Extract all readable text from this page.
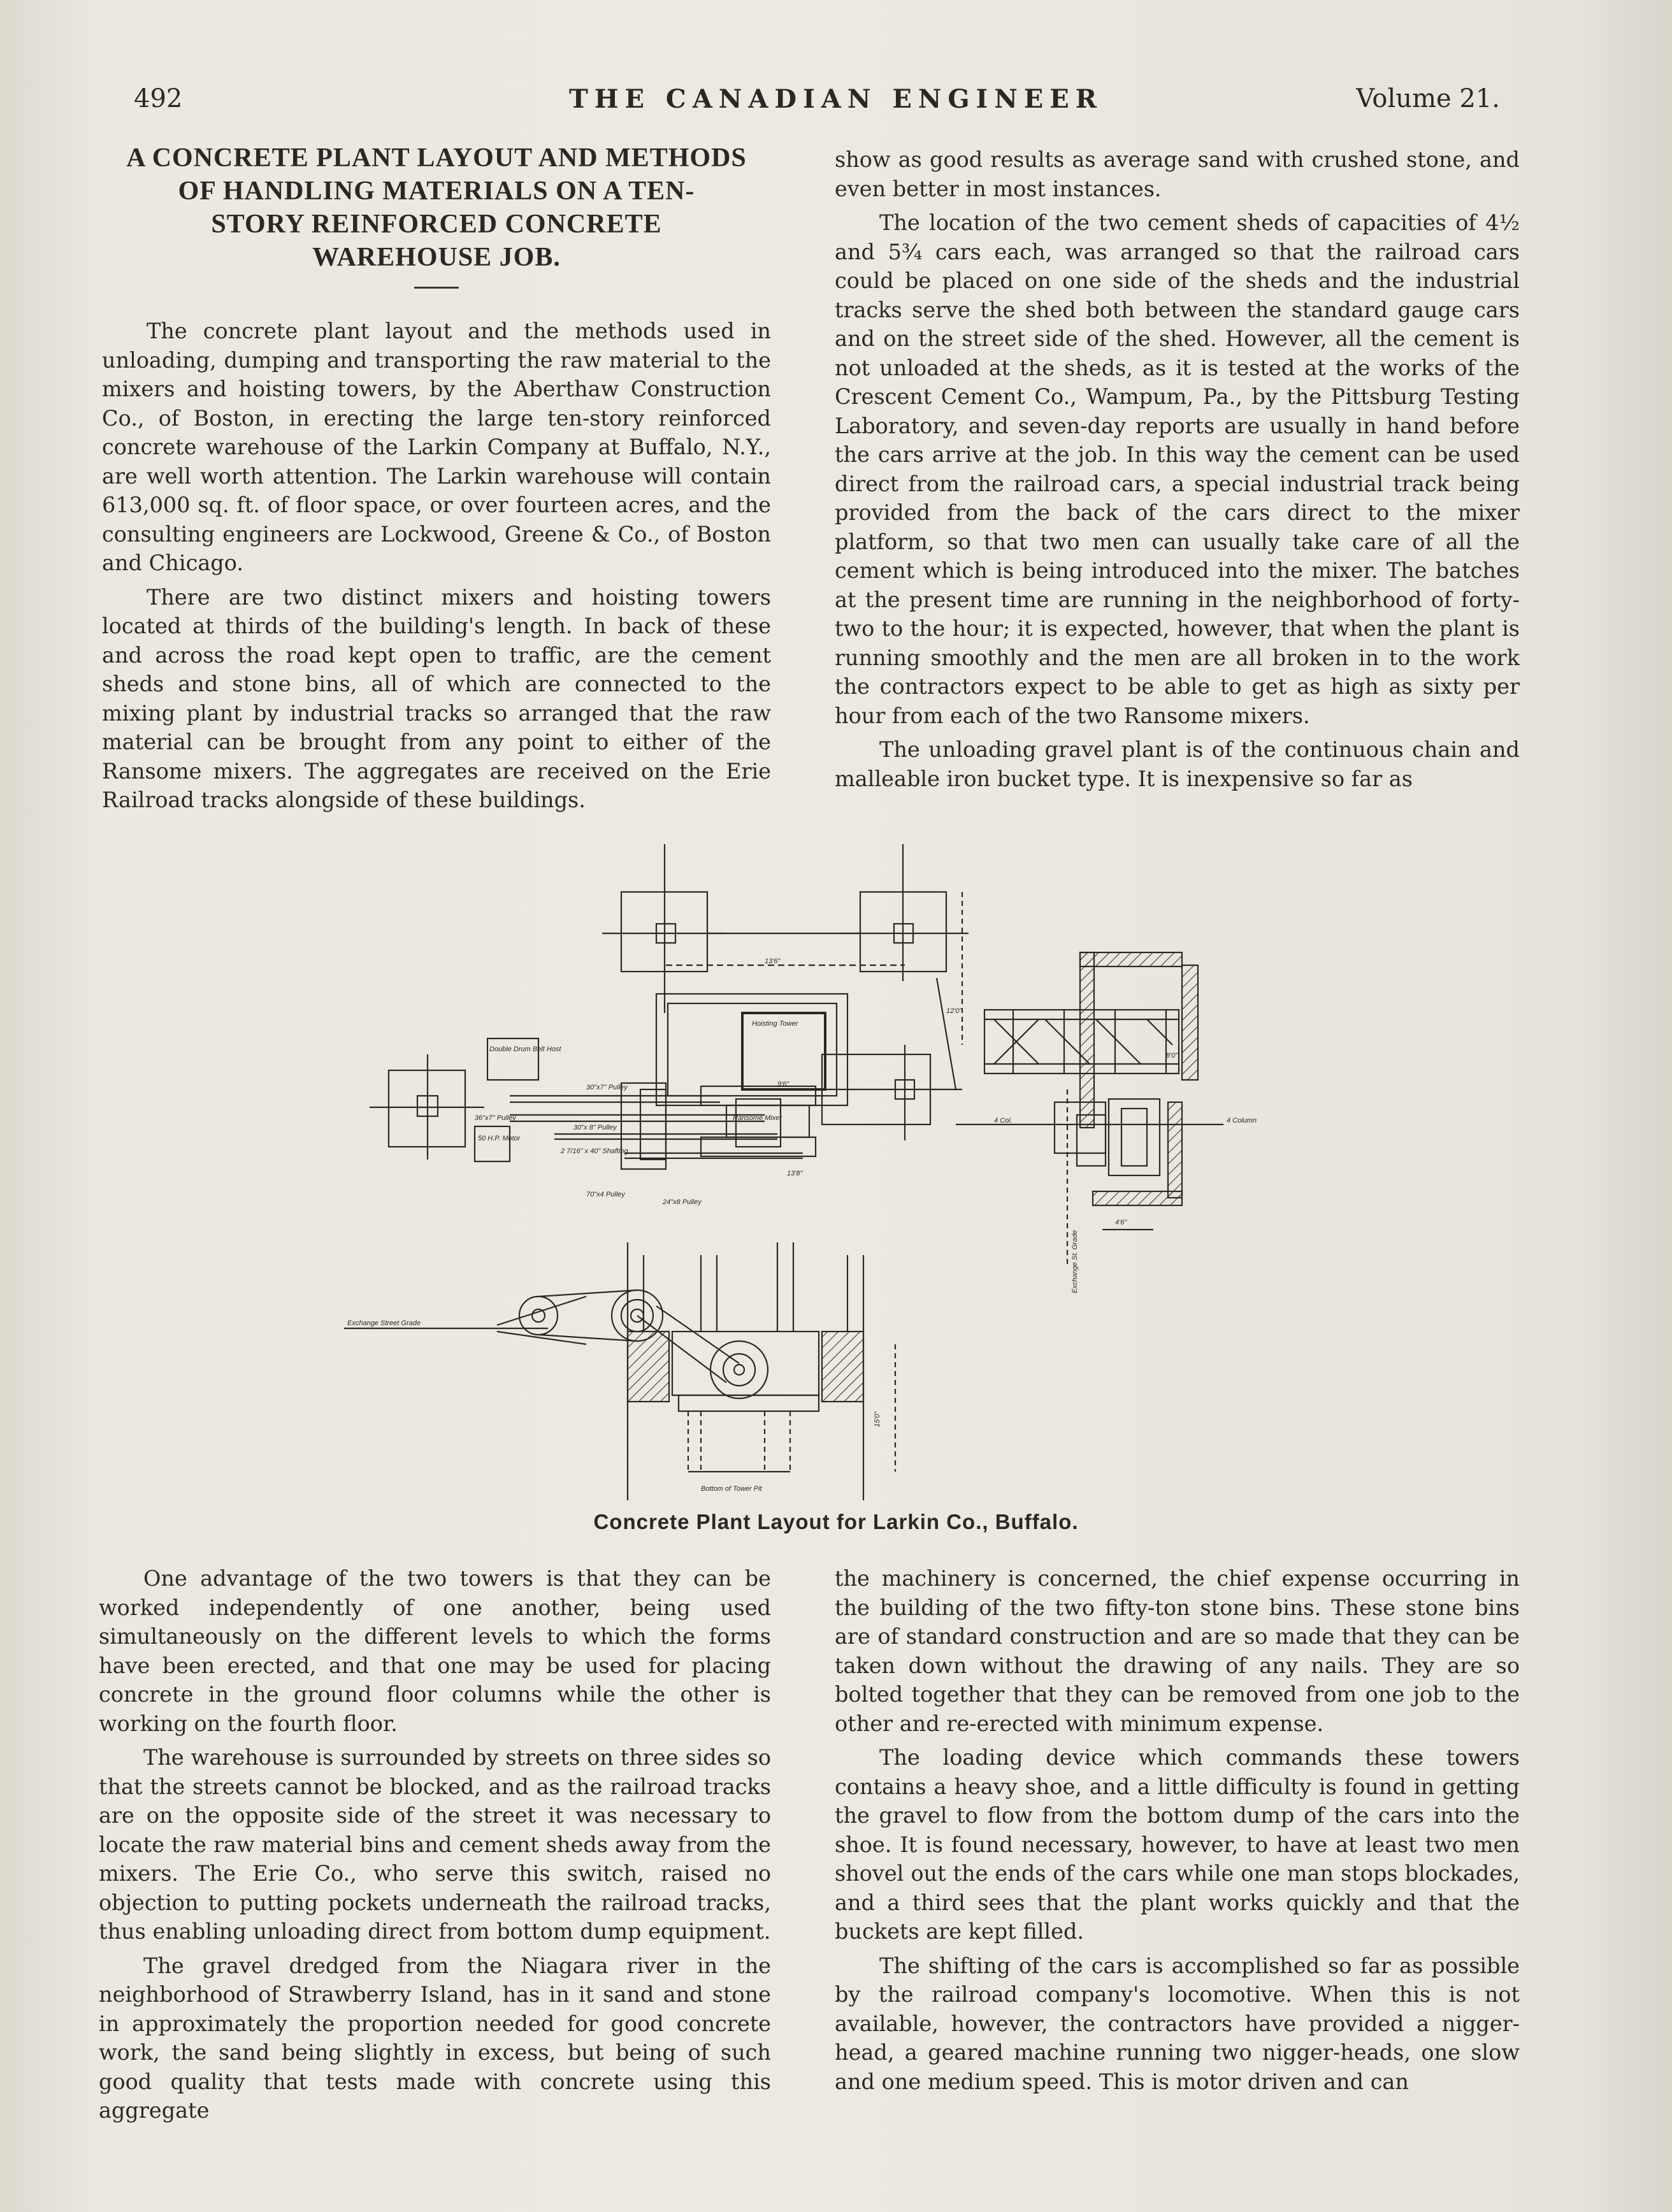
492	THE CANADIAN ENGINEER	Volume 21.
A CONCRETE PLANT LAYOUT AND METHODS
OF HANDLING MATERIALS ON A TEN-
STORY REINFORCED CONCRETE
WAREHOUSE JOB.

The concrete plant layout and the methods used in unloading, dumping and transporting the raw material to the mixers and hoisting towers, by the Aberthaw Construction Co., of Boston, in erecting the large ten-story reinforced concrete warehouse of the Larkin Company at Buffalo, N.Y., are well worth attention. The Larkin warehouse will contain 613,000 sq. ft. of floor space, or over fourteen acres, and the consulting engineers are Lockwood, Greene & Co., of Boston and Chicago.

There are two distinct mixers and hoisting towers located at thirds of the building's length. In back of these and across the road kept open to traffic, are the cement sheds and stone bins, all of which are connected to the mixing plant by industrial tracks so arranged that the raw material can be brought from any point to either of the Ransome mixers. The aggregates are received on the Erie Railroad tracks alongside of these buildings.

show as good results as average sand with crushed stone, and even better in most instances.

The location of the two cement sheds of capacities of 4½ and 5¾ cars each, was arranged so that the railroad cars could be placed on one side of the sheds and the industrial tracks serve the shed both between the standard gauge cars and on the street side of the shed. However, all the cement is not unloaded at the sheds, as it is tested at the works of the Crescent Cement Co., Wampum, Pa., by the Pittsburg Testing Laboratory, and seven-day reports are usually in hand before the cars arrive at the job. In this way the cement can be used direct from the railroad cars, a special industrial track being provided from the back of the cars direct to the mixer platform, so that two men can usually take care of all the cement which is being introduced into the mixer. The batches at the present time are running in the neighborhood of forty-two to the hour; it is expected, however, that when the plant is running smoothly and the men are all broken in to the work the contractors expect to be able to get as high as sixty per hour from each of the two Ransome mixers.

The unloading gravel plant is of the continuous chain and malleable iron bucket type. It is inexpensive so far as

13'6"
12'0"
Hoisting Tower
Double Drum Belt Host
30"x7" Pulley
36"x7" Pulley
30"x 8" Pulley
70"x4 Pulley
24"x8 Pulley
2 7/16" x 40" Shafting
50 H.P. Motor
Ransome Mixer
9'6"
13'8"
4 Col.	4 Column
8'0"
4'6"
Exchange Street Grade
Exchange St. Grade
Bottom of Tower Pit
15'0"
Concrete Plant Layout for Larkin Co., Buffalo.

One advantage of the two towers is that they can be worked independently of one another, being used simultaneously on the different levels to which the forms have been erected, and that one may be used for placing concrete in the ground floor columns while the other is working on the fourth floor.

The warehouse is surrounded by streets on three sides so that the streets cannot be blocked, and as the railroad tracks are on the opposite side of the street it was necessary to locate the raw material bins and cement sheds away from the mixers. The Erie Co., who serve this switch, raised no objection to putting pockets underneath the railroad tracks, thus enabling unloading direct from bottom dump equipment.

The gravel dredged from the Niagara river in the neighborhood of Strawberry Island, has in it sand and stone in approximately the proportion needed for good concrete work, the sand being slightly in excess, but being of such good quality that tests made with concrete using this aggregate

the machinery is concerned, the chief expense occurring in the building of the two fifty-ton stone bins. These stone bins are of standard construction and are so made that they can be taken down without the drawing of any nails. They are so bolted together that they can be removed from one job to the other and re-erected with minimum expense.

The loading device which commands these towers contains a heavy shoe, and a little difficulty is found in getting the gravel to flow from the bottom dump of the cars into the shoe. It is found necessary, however, to have at least two men shovel out the ends of the cars while one man stops blockades, and a third sees that the plant works quickly and that the buckets are kept filled.

The shifting of the cars is accomplished so far as possible by the railroad company's locomotive. When this is not available, however, the contractors have provided a nigger-head, a geared machine running two nigger-heads, one slow and one medium speed. This is motor driven and can
